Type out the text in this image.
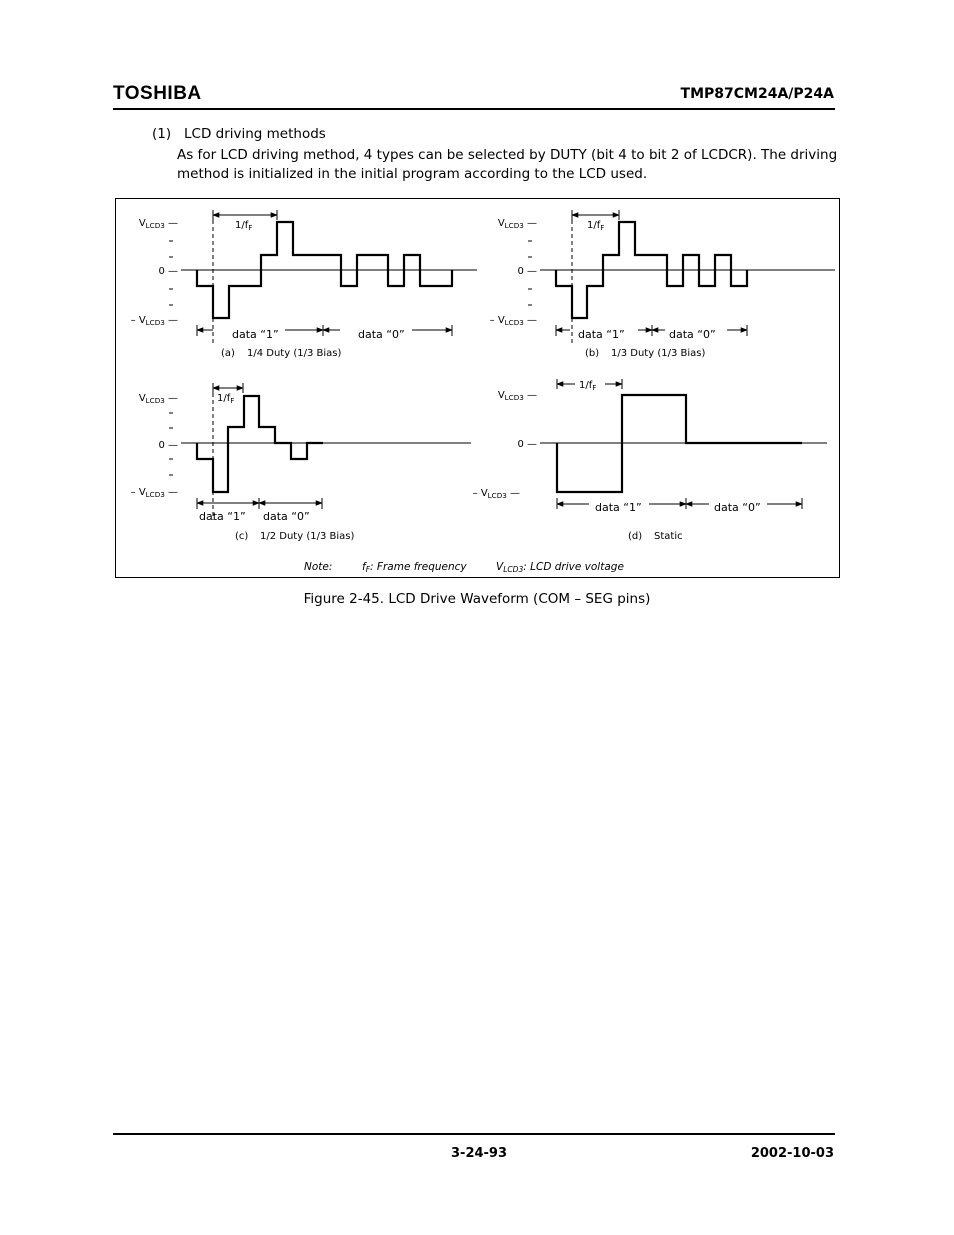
TOSHIBA	TMP87CM24A/P24A
(1) LCD driving methods
As for LCD driving method, 4 types can be selected by DUTY (bit 4 to bit 2 of LCDCR). The driving method is initialized in the initial program according to the LCD used.
$V_{LCD3}$ —
0 —
– $V_{LCD3}$ —
$1/f_F$
data “1”	data “0”
(a) 1/4 Duty (1/3 Bias)
$V_{LCD3}$ —
0 —
– $V_{LCD3}$ —
$1/f_F$
data “1”	data “0”
(b) 1/3 Duty (1/3 Bias)
$V_{LCD3}$ —
0 —
– $V_{LCD3}$ —
$1/f_F$
data “1” data “0”
(c) 1/2 Duty (1/3 Bias)
$V_{LCD3}$ —
0 —
– $V_{LCD3}$ —
$1/f_F$
data “1”	data “0”
(d) Static
Note:	fF: Frame frequency	VLCD3: LCD drive voltage
Figure 2-45. LCD Drive Waveform (COM – SEG pins)
3-24-93	2002-10-03
